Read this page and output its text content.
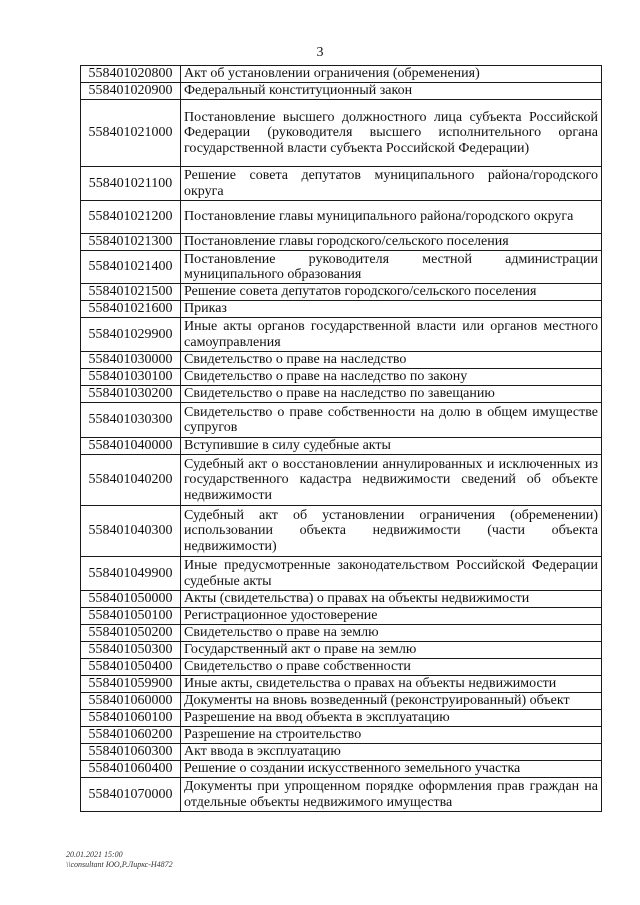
3
558401020800	Акт об установлении ограничения (обременения)
558401020900	Федеральный конституционный закон
558401021000	Постановление высшего должностного лица субъекта Российской Федерации (руководителя высшего исполнительного органа государственной власти субъекта Российской Федерации)
558401021100	Решение совета депутатов муниципального района/городского округа
558401021200	Постановление главы муниципального района/городского округа
558401021300	Постановление главы городского/сельского поселения
558401021400	Постановление руководителя местной администрации муниципального образования
558401021500	Решение совета депутатов городского/сельского поселения
558401021600	Приказ
558401029900	Иные акты органов государственной власти или органов местного самоуправления
558401030000	Свидетельство о праве на наследство
558401030100	Свидетельство о праве на наследство по закону
558401030200	Свидетельство о праве на наследство по завещанию
558401030300	Свидетельство о праве собственности на долю в общем имуществе супругов
558401040000	Вступившие в силу судебные акты
558401040200	Судебный акт о восстановлении аннулированных и исключенных из государственного кадастра недвижимости сведений об объекте недвижимости
558401040300	Судебный акт об установлении ограничения (обременении) использовании объекта недвижимости (части объекта недвижимости)
558401049900	Иные предусмотренные законодательством Российской Федерации судебные акты
558401050000	Акты (свидетельства) о правах на объекты недвижимости
558401050100	Регистрационное удостоверение
558401050200	Свидетельство о праве на землю
558401050300	Государственный акт о праве на землю
558401050400	Свидетельство о праве собственности
558401059900	Иные акты, свидетельства о правах на объекты недвижимости
558401060000	Документы на вновь возведенный (реконструированный) объект
558401060100	Разрешение на ввод объекта в эксплуатацию
558401060200	Разрешение на строительство
558401060300	Акт ввода в эксплуатацию
558401060400	Решение о создании искусственного земельного участка
558401070000	Документы при упрощенном порядке оформления прав граждан на отдельные объекты недвижимого имущества
20.01.2021 15:00
\\consultant ЮО,Р.Лиркс-Н4872
